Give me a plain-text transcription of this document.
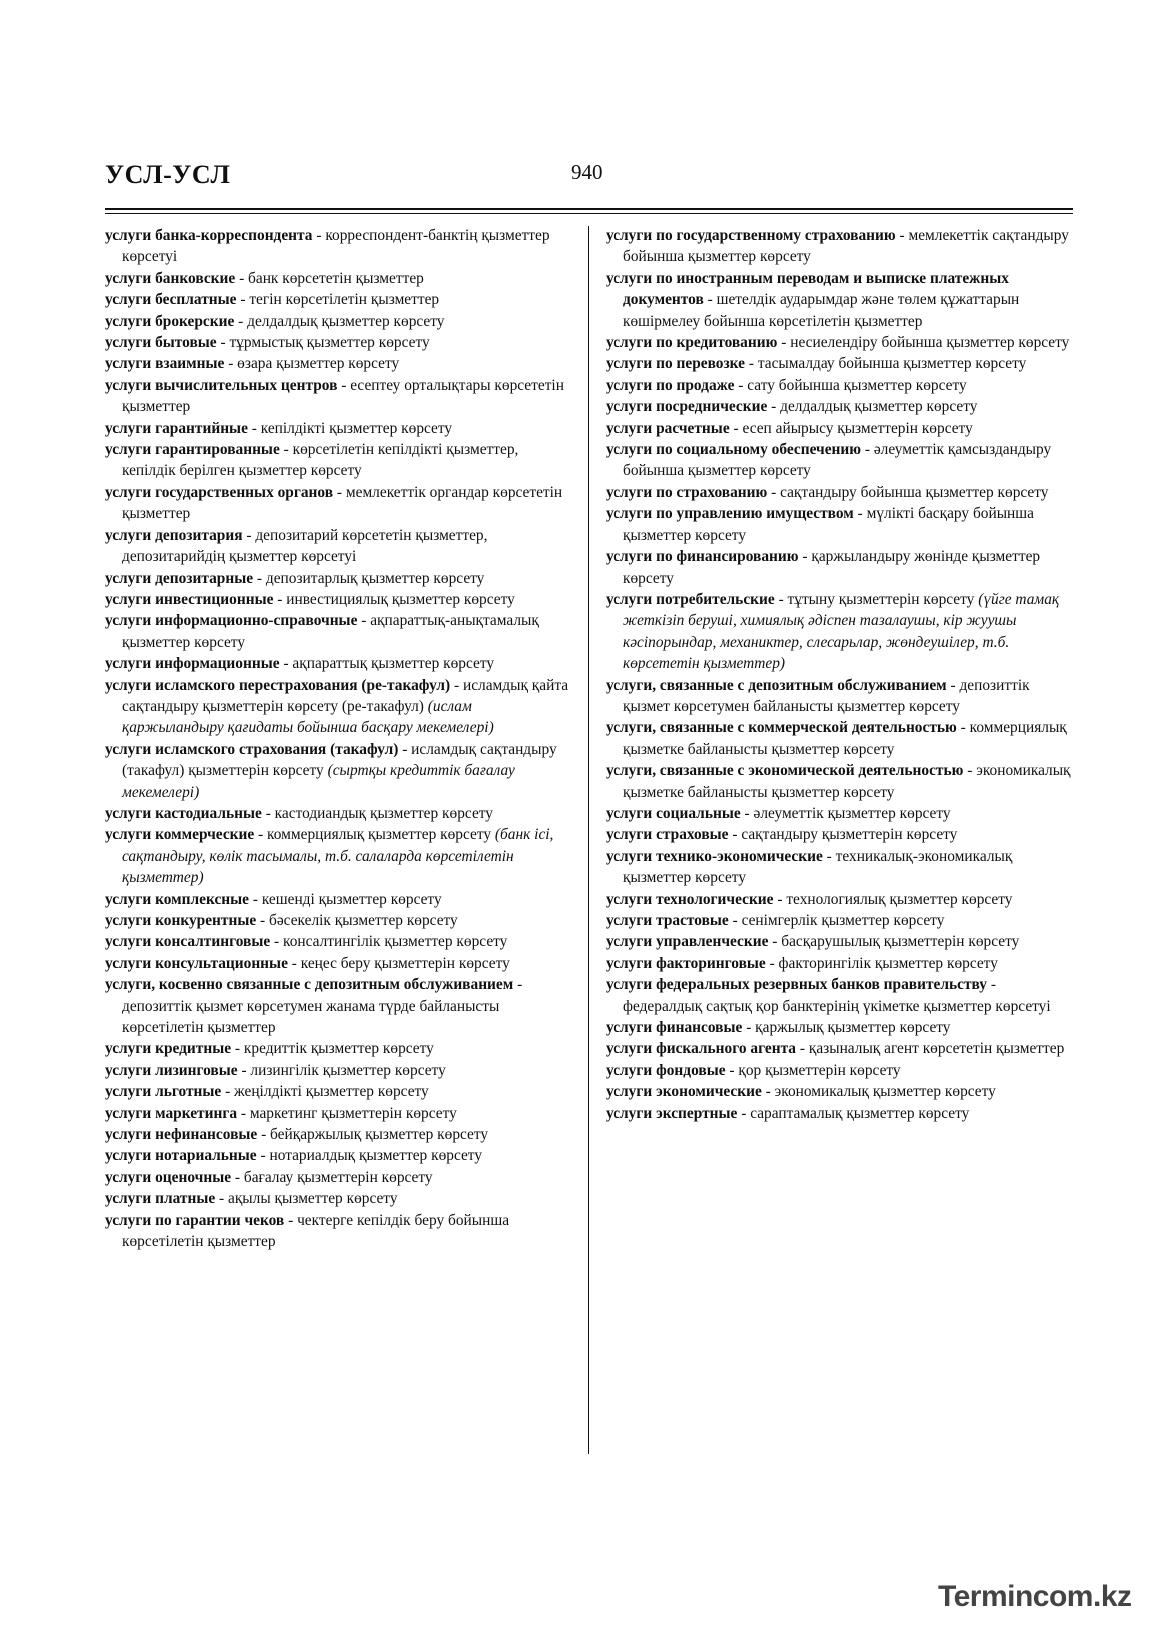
УСЛ-УСЛ	940

услуги банка-корреспондента - корреспондент-банктің қызметтер көрсетуі

услуги банковские - банк көрсететін қызметтер

услуги бесплатные - тегін көрсетілетін қызметтер

услуги брокерские - делдалдық қызметтер көрсету

услуги бытовые - тұрмыстық қызметтер көрсету

услуги взаимные - өзара қызметтер көрсету

услуги вычислительных центров - есептеу орталықтары көрсететін қызметтер

услуги гарантийные - кепілдікті қызметтер көрсету

услуги гарантированные - көрсетілетін кепілдікті қызметтер, кепілдік берілген қызметтер көрсету

услуги государственных органов - мемлекеттік органдар көрсететін қызметтер

услуги депозитария - депозитарий көрсететін қызметтер, депозитарийдің қызметтер көрсетуі

услуги депозитарные - депозитарлық қызметтер көрсету

услуги инвестиционные - инвестициялық қызметтер көрсету

услуги информационно-справочные - ақпараттық-анықтамалық қызметтер көрсету

услуги информационные - ақпараттық қызметтер көрсету

услуги исламского перестрахования (ре-такафул) - исламдық қайта сақтандыру қызметтерін көрсету (ре-такафул) (ислам қаржыландыру қағидаты бойынша басқару мекемелері)

услуги исламского страхования (такафул) - исламдық сақтандыру (такафул) қызметтерін көрсету (сыртқы кредиттік бағалау мекемелері)

услуги кастодиальные - кастодиандық қызметтер көрсету

услуги коммерческие - коммерциялық қызметтер көрсету (банк ісі, сақтандыру, көлік тасымалы, т.б. салаларда көрсетілетін қызметтер)

услуги комплексные - кешенді қызметтер көрсету

услуги конкурентные - бәсекелік қызметтер көрсету

услуги консалтинговые - консалтингілік қызметтер көрсету

услуги консультационные - кеңес беру қызметтерін көрсету

услуги, косвенно связанные с депозитным обслуживанием - депозиттік қызмет көрсетумен жанама түрде байланысты көрсетілетін қызметтер

услуги кредитные - кредиттік қызметтер көрсету

услуги лизинговые - лизингілік қызметтер көрсету

услуги льготные - жеңілдікті қызметтер көрсету

услуги маркетинга - маркетинг қызметтерін көрсету

услуги нефинансовые - бейқаржылық қызметтер көрсету

услуги нотариальные - нотариалдық қызметтер көрсету

услуги оценочные - бағалау қызметтерін көрсету

услуги платные - ақылы қызметтер көрсету

услуги по гарантии чеков - чектерге кепілдік беру бойынша көрсетілетін қызметтер

услуги по государственному страхованию - мемлекеттік сақтандыру бойынша қызметтер көрсету

услуги по иностранным переводам и выписке платежных документов - шетелдік аударымдар және төлем құжаттарын көшірмелеу бойынша көрсетілетін қызметтер

услуги по кредитованию - несиелендіру бойынша қызметтер көрсету

услуги по перевозке - тасымалдау бойынша қызметтер көрсету

услуги по продаже - сату бойынша қызметтер көрсету

услуги посреднические - делдалдық қызметтер көрсету

услуги расчетные - есеп айырысу қызметтерін көрсету

услуги по социальному обеспечению - әлеуметтік қамсыздандыру бойынша қызметтер көрсету

услуги по страхованию - сақтандыру бойынша қызметтер көрсету

услуги по управлению имуществом - мүлікті басқару бойынша қызметтер көрсету

услуги по финансированию - қаржыландыру жөнінде қызметтер көрсету

услуги потребительские - тұтыну қызметтерін көрсету (үйге тамақ жеткізіп беруші, химиялық әдіспен тазалаушы, кір жуушы кәсіпорындар, механиктер, слесарьлар, жөндеушілер, т.б. көрсететін қызметтер)

услуги, связанные с депозитным обслуживанием - депозиттік қызмет көрсетумен байланысты қызметтер көрсету

услуги, связанные с коммерческой деятельностью - коммерциялық қызметке байланысты қызметтер көрсету

услуги, связанные с экономической деятельностью - экономикалық қызметке байланысты қызметтер көрсету

услуги социальные - әлеуметтік қызметтер көрсету

услуги страховые - сақтандыру қызметтерін көрсету

услуги технико-экономические - техникалық-экономикалық қызметтер көрсету

услуги технологические - технологиялық қызметтер көрсету

услуги трастовые - сенімгерлік қызметтер көрсету

услуги управленческие - басқарушылық қызметтерін көрсету

услуги факторинговые - факторингілік қызметтер көрсету

услуги федеральных резервных банков правительству - федералдық сақтық қор банктерінің үкіметке қызметтер көрсетуі

услуги финансовые - қаржылық қызметтер көрсету

услуги фискального агента - қазыналық агент көрсететін қызметтер

услуги фондовые - қор қызметтерін көрсету

услуги экономические - экономикалық қызметтер көрсету

услуги экспертные - сараптамалық қызметтер көрсету

Termincom.kz
